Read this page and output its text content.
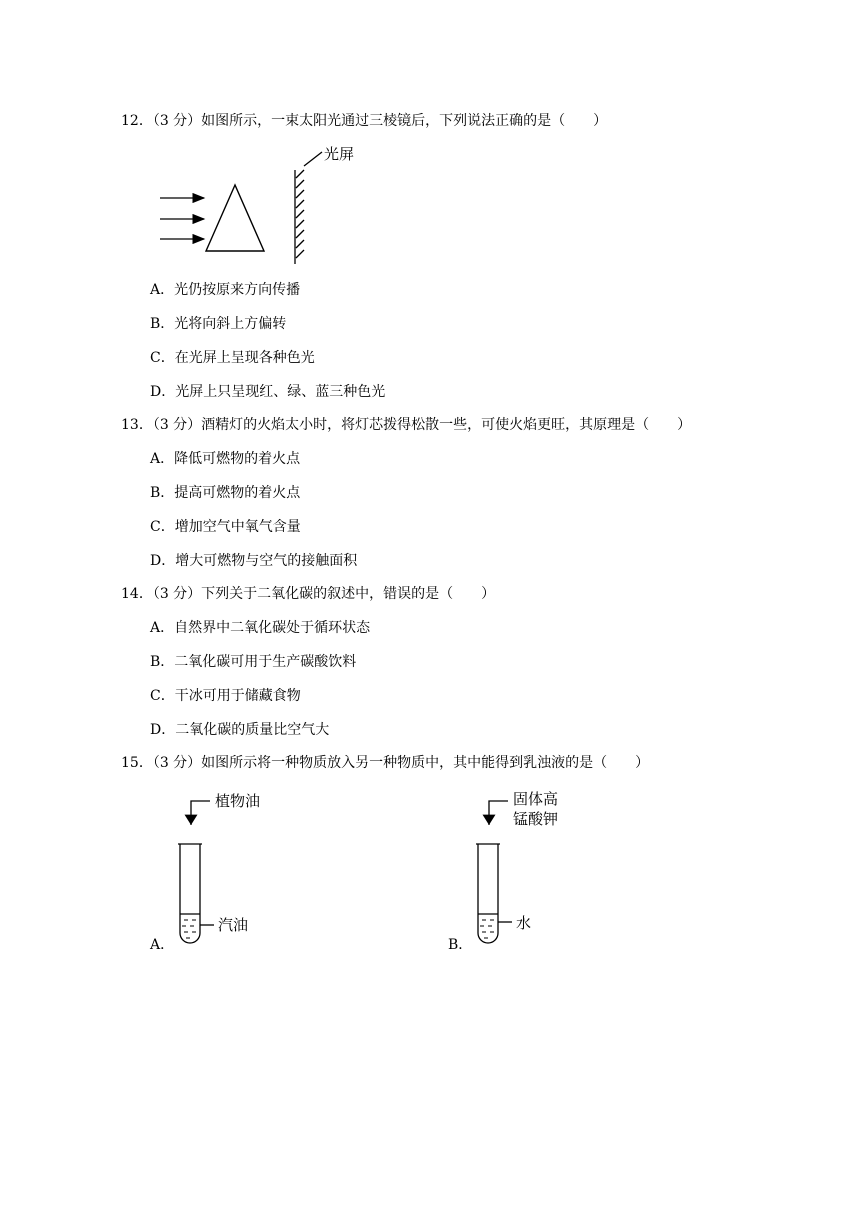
12．（3 分）如图所示，一束太阳光通过三棱镜后，下列说法正确的是（　　）
光屏
A．光仍按原来方向传播
B．光将向斜上方偏转
C．在光屏上呈现各种色光
D．光屏上只呈现红、绿、蓝三种色光
13．（3 分）酒精灯的火焰太小时，将灯芯拨得松散一些，可使火焰更旺，其原理是（　　）
A．降低可燃物的着火点
B．提高可燃物的着火点
C．增加空气中氧气含量
D．增大可燃物与空气的接触面积
14．（3 分）下列关于二氧化碳的叙述中，错误的是（　　）
A．自然界中二氧化碳处于循环状态
B．二氧化碳可用于生产碳酸饮料
C．干冰可用于储藏食物
D．二氧化碳的质量比空气大
15．（3 分）如图所示将一种物质放入另一种物质中，其中能得到乳浊液的是（　　）
植物油
汽油
A．
固体高
锰酸钾
水
B．
